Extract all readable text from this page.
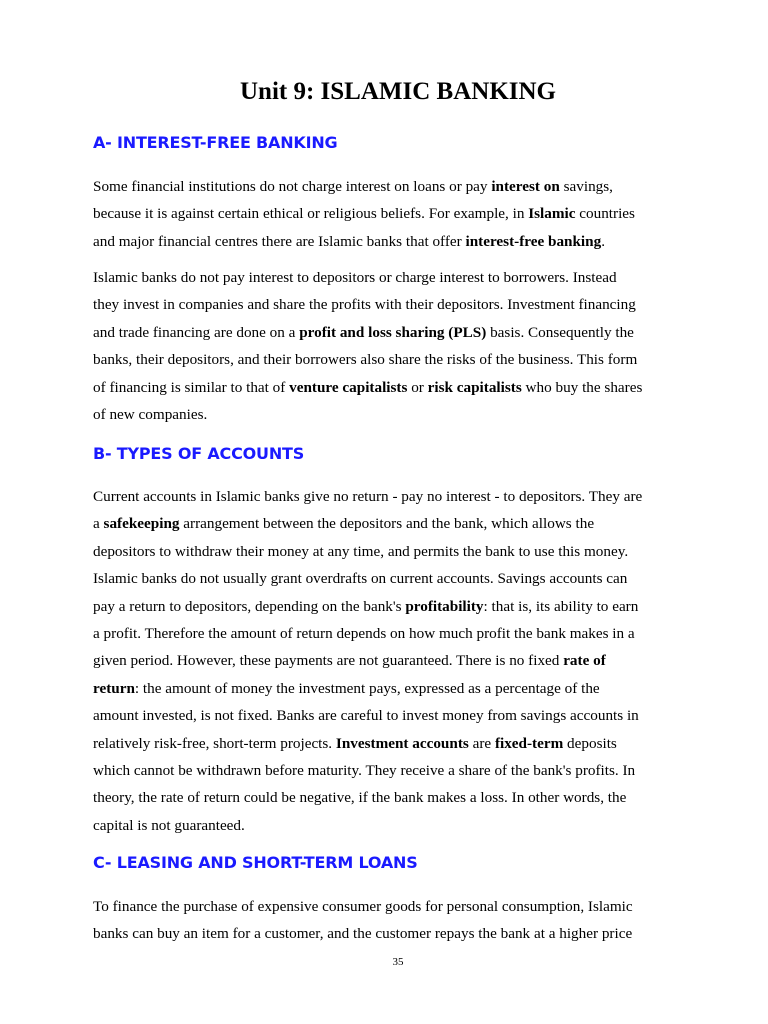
Unit 9: ISLAMIC BANKING
A- INTEREST-FREE BANKING
Some financial institutions do not charge interest on loans or pay interest on savings,
because it is against certain ethical or religious beliefs. For example, in Islamic countries
and major financial centres there are Islamic banks that offer interest-free banking.
Islamic banks do not pay interest to depositors or charge interest to borrowers. Instead
they invest in companies and share the profits with their depositors. Investment financing
and trade financing are done on a profit and loss sharing (PLS) basis. Consequently the
banks, their depositors, and their borrowers also share the risks of the business. This form
of financing is similar to that of venture capitalists or risk capitalists who buy the shares
of new companies.
B- TYPES OF ACCOUNTS
Current accounts in Islamic banks give no return - pay no interest - to depositors. They are
a safekeeping arrangement between the depositors and the bank, which allows the
depositors to withdraw their money at any time, and permits the bank to use this money.
Islamic banks do not usually grant overdrafts on current accounts. Savings accounts can
pay a return to depositors, depending on the bank's profitability: that is, its ability to earn
a profit. Therefore the amount of return depends on how much profit the bank makes in a
given period. However, these payments are not guaranteed. There is no fixed rate of
return: the amount of money the investment pays, expressed as a percentage of the
amount invested, is not fixed. Banks are careful to invest money from savings accounts in
relatively risk-free, short-term projects. Investment accounts are fixed-term deposits
which cannot be withdrawn before maturity. They receive a share of the bank's profits. In
theory, the rate of return could be negative, if the bank makes a loss. In other words, the
capital is not guaranteed.
C- LEASING AND SHORT-TERM LOANS
To finance the purchase of expensive consumer goods for personal consumption, Islamic
banks can buy an item for a customer, and the customer repays the bank at a higher price
35
